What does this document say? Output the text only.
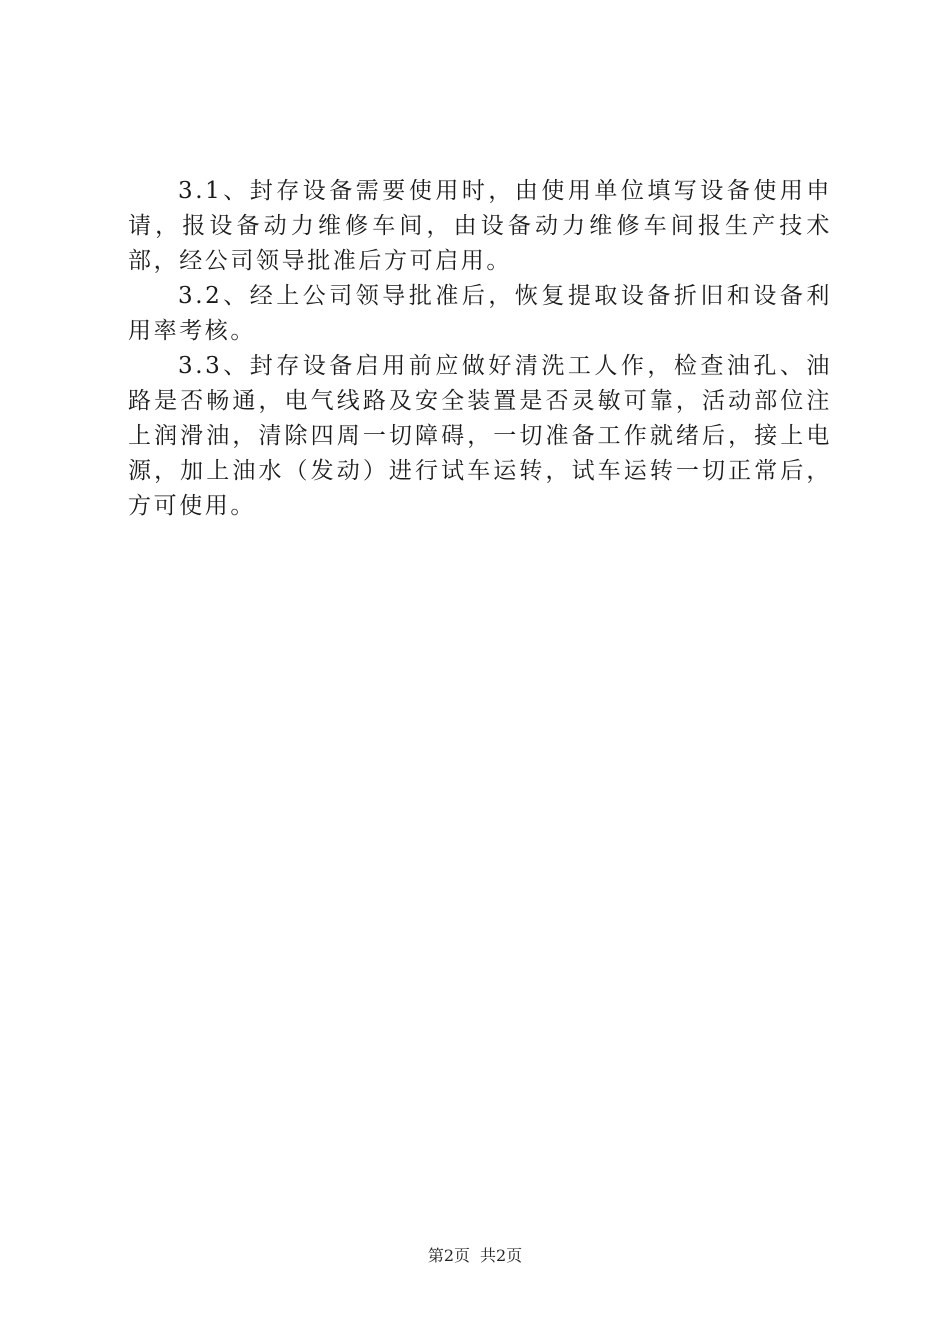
3.1、封存设备需要使用时，由使用单位填写设备使用申请，报设备动力维修车间，由设备动力维修车间报生产技术部，经公司领导批准后方可启用。

3.2、经上公司领导批准后，恢复提取设备折旧和设备利用率考核。

3.3、封存设备启用前应做好清洗工人作，检查油孔、油路是否畅通，电气线路及安全装置是否灵敏可靠，活动部位注上润滑油，清除四周一切障碍，一切准备工作就绪后，接上电源，加上油水（发动）进行试车运转，试车运转一切正常后，方可使用。

第2页 共2页
